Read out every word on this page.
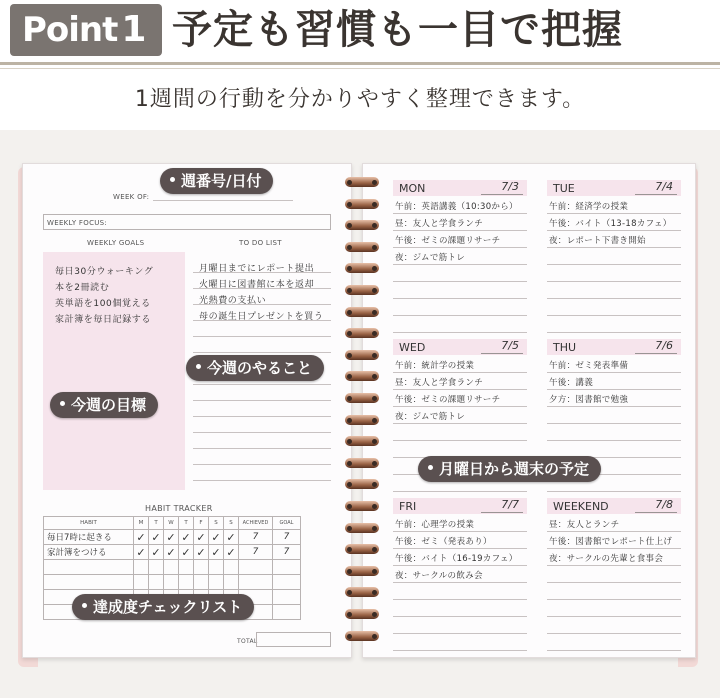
Point 1 予定も習慣も一目で把握
1週間の行動を分かりやすく整理できます。
WEEK OF:
WEEKLY FOCUS:
WEEKLY GOALS	TO DO LIST
毎日30分ウォーキング
本を2冊読む
英単語を100個覚える
家計簿を毎日記録する
月曜日までにレポート提出
火曜日に図書館に本を返却
光熱費の支払い
母の誕生日プレゼントを買う
HABIT TRACKER
HABIT	M	T	W	T	F	S	S	ACHIEVED	GOAL
毎日7時に起きる	✓	✓	✓	✓	✓	✓	✓	7	7
家計簿をつける	✓	✓	✓	✓	✓	✓	✓	7	7

TOTAL
MON	7/3
午前：英語講義（10:30から）
昼：友人と学食ランチ
午後：ゼミの課題リサーチ
夜：ジムで筋トレ
TUE	7/4
午前：経済学の授業
午後：バイト（13-18カフェ）
夜：レポート下書き開始
WED	7/5
午前：統計学の授業
昼：友人と学食ランチ
午後：ゼミの課題リサーチ
夜：ジムで筋トレ
THU	7/6
午前：ゼミ発表準備
午後：講義
夕方：図書館で勉強
FRI	7/7
午前：心理学の授業
午後：ゼミ（発表あり）
午後：バイト（16-19カフェ）
夜：サークルの飲み会
WEEKEND	7/8
昼：友人とランチ
午後：図書館でレポート仕上げ
夜：サークルの先輩と食事会
週番号/日付
今週のやること
今週の目標
月曜日から週末の予定
達成度チェックリスト
